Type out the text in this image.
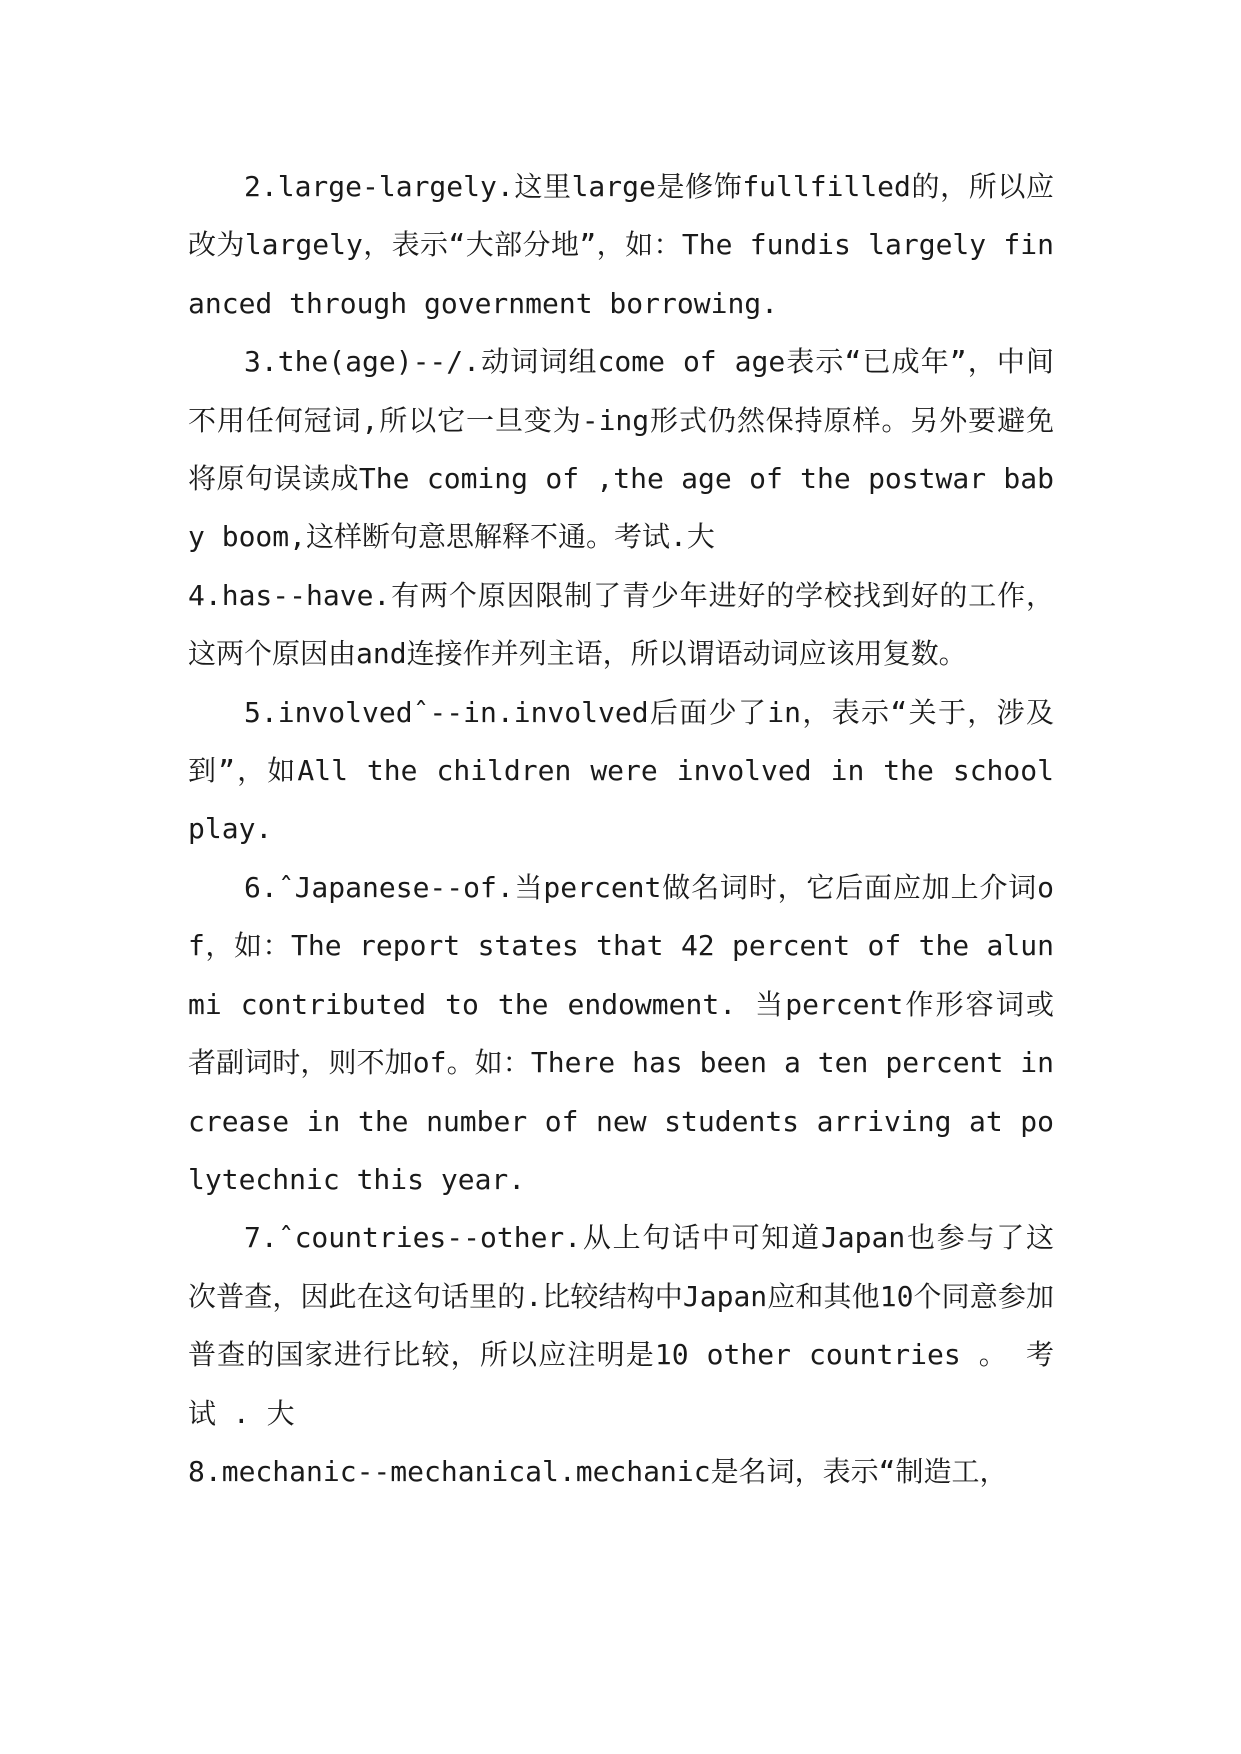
2.large-largely.这里large是修饰fullfilled的，所以应改为largely，表示“大部分地”，如：The fundis largely financed through government borrowing.

3.the(age)--/.动词词组come of age表示“已成年”，中间不用任何冠词,所以它一旦变为-ing形式仍然保持原样。另外要避免将原句误读成The coming of ,the age of the postwar baby boom,这样断句意思解释不通。考试.大

4.has--have.有两个原因限制了青少年进好的学校找到好的工作，这两个原因由and连接作并列主语，所以谓语动词应该用复数。

5.involvedˆ--in.involved后面少了in，表示“关于，涉及到”，如All the children were involved in the school play.

6.ˆJapanese--of.当percent做名词时，它后面应加上介词of，如：The report states that 42 percent of the alunmi contributed to the endowment. 当percent作形容词或者副词时，则不加of。如：There has been a ten percent increase in the number of new students arriving at polytechnic this year.

7.ˆcountries--other.从上句话中可知道Japan也参与了这次普查，因此在这句话里的.比较结构中Japan应和其他10个同意参加普查的国家进行比较，所以应注明是10 other countries 。 考 试 . 大

8.mechanic--mechanical.mechanic是名词，表示“制造工，
